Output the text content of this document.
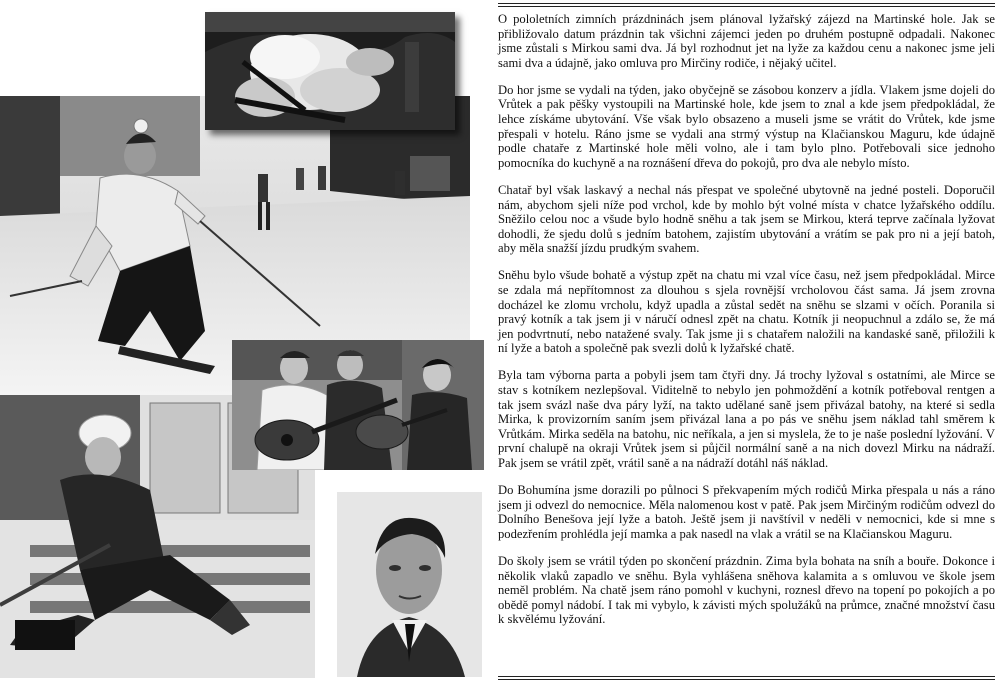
O pololetních zimních prázdninách jsem plánoval lyžařský zájezd na Martinské hole. Jak se přibližovalo datum prázdnin tak všichni zájemci jeden po druhém postupně odpadali. Nakonec jsme zůstali s Mirkou sami dva. Já byl rozhodnut jet na lyže za každou cenu a nakonec jsme jeli sami dva a údajně, jako omluva pro Mirčiny rodiče, i nějaký učitel.

Do hor jsme se vydali na týden, jako obyčejně se zásobou konzerv a jídla. Vlakem jsme dojeli do Vrůtek a pak pěšky vystoupili na Martinské hole, kde jsem to znal a kde jsem předpokládal, že lehce získáme ubytování. Vše však bylo obsazeno a museli jsme se vrátit do Vrůtek, kde jsme přespali v hotelu. Ráno jsme se vydali ana strmý výstup na Klačianskou Maguru, kde údajně podle chataře z Martinské hole měli volno, ale i tam bylo plno. Potřebovali sice jednoho pomocníka do kuchyně a na roznášení dřeva do pokojů, pro dva ale nebylo místo.

Chatař byl však laskavý a nechal nás přespat ve společné ubytovně na jedné posteli. Doporučil nám, abychom sjeli níže pod vrchol, kde by mohlo být volné místa v chatce lyžařského oddílu. Sněžilo celou noc a všude bylo hodně sněhu a tak jsem se Mirkou, která teprve začínala lyžovat dohodli, že sjedu dolů s jedním batohem, zajistím ubytování a vrátím se pak pro ni a její batoh, aby měla snažší jízdu prudkým svahem.

Sněhu bylo všude bohatě a výstup zpět na chatu mi vzal více času, než jsem předpokládal. Mirce se zdala má nepřítomnost za dlouhou s sjela rovnější vrcholovou část sama. Já jsem zrovna docházel ke zlomu vrcholu, když upadla a zůstal sedět na sněhu se slzami v očích. Poranila si pravý kotník a tak jsem ji v náručí odnesl zpět na chatu. Kotník ji neopuchnul a zdálo se, že má jen podvrtnutí, nebo natažené svaly. Tak jsme ji s chatařem naložili na kandaské saně, přiložili k ní lyže a batoh a společně pak svezli dolů k lyžařské chatě.

Byla tam výborna parta a pobyli jsem tam čtyři dny. Já trochy lyžoval s ostatními, ale Mirce se stav s kotníkem nezlepšoval. Viditelně to nebylo jen pohmoždění a kotník potřeboval rentgen a tak jsem svázl naše dva páry lyží, na takto udělané saně jsem přivázal batohy, na které si sedla Mirka, k provizorním saním jsem přivázal lana a po pás ve sněhu jsem náklad tahl směrem k Vrůtkám. Mirka seděla na batohu, nic neříkala, a jen si myslela, že to je naše poslední lyžování. V první chalupě na okraji Vrůtek jsem si půjčil normální saně a na nich dovezl Mirku na nádraží. Pak jsem se vrátil zpět, vrátil saně a na nádraží dotáhl náš náklad.

Do Bohumína jsme dorazili po půlnoci S překvapením mých rodičů Mirka přespala u nás a ráno jsem ji odvezl do nemocnice. Měla nalomenou kost v patě. Pak jsem Mirčiným rodičům odvezl do Dolního Benešova její lyže a batoh. Ještě jsem ji navštívil v neděli v nemocnici, kde si mne s podezřením prohlédla její mamka a pak nasedl na vlak a vrátil se na Klačianskou Maguru.

Do školy jsem se vrátil týden po skončení prázdnin. Zima byla bohata na sníh a bouře. Dokonce i několik vlaků zapadlo ve sněhu. Byla vyhlášena sněhova kalamita a s omluvou ve škole jsem neměl problém. Na chatě jsem ráno pomohl v kuchyni, roznesl dřevo na topení po pokojích a po obědě pomyl nádobí. I tak mi vybylo, k závisti mých spolužáků na průmce, značné množství času k skvělému lyžování.
